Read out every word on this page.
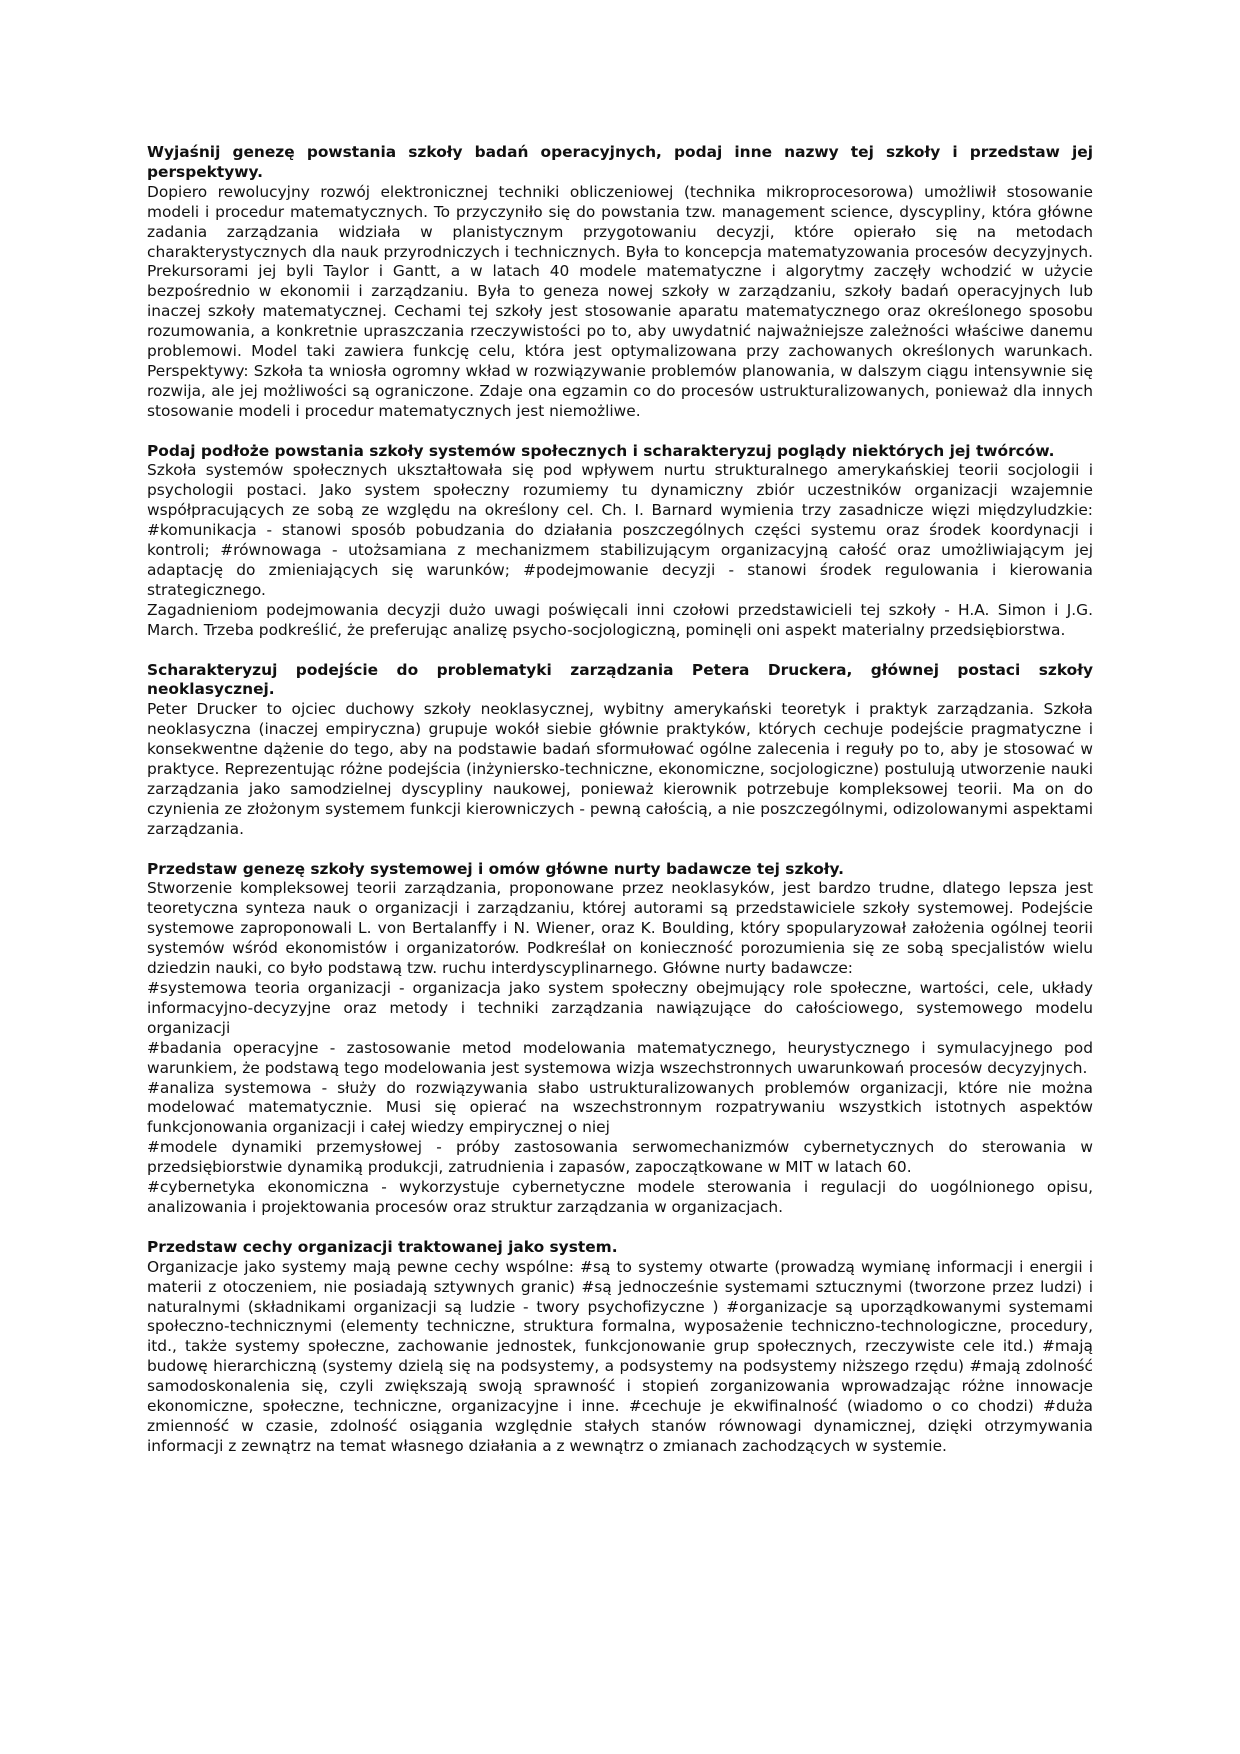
Wyjaśnij genezę powstania szkoły badań operacyjnych, podaj inne nazwy tej szkoły i przedstaw jej perspektywy.

Dopiero rewolucyjny rozwój elektronicznej techniki obliczeniowej (technika mikroprocesorowa) umożliwił stosowanie modeli i procedur matematycznych. To przyczyniło się do powstania tzw. management science, dyscypliny, która główne zadania zarządzania widziała w planistycznym przygotowaniu decyzji, które opierało się na metodach charakterystycznych dla nauk przyrodniczych i technicznych. Była to koncepcja matematyzowania procesów decyzyjnych. Prekursorami jej byli Taylor i Gantt, a w latach 40 modele matematyczne i algorytmy zaczęły wchodzić w użycie bezpośrednio w ekonomii i zarządzaniu. Była to geneza nowej szkoły w zarządzaniu, szkoły badań operacyjnych lub inaczej szkoły matematycznej. Cechami tej szkoły jest stosowanie aparatu matematycznego oraz określonego sposobu rozumowania, a konkretnie upraszczania rzeczywistości po to, aby uwydatnić najważniejsze zależności właściwe danemu problemowi. Model taki zawiera funkcję celu, która jest optymalizowana przy zachowanych określonych warunkach. Perspektywy: Szkoła ta wniosła ogromny wkład w rozwiązywanie problemów planowania, w dalszym ciągu intensywnie się rozwija, ale jej możliwości są ograniczone. Zdaje ona egzamin co do procesów ustrukturalizowanych, ponieważ dla innych stosowanie modeli i procedur matematycznych jest niemożliwe.

Podaj podłoże powstania szkoły systemów społecznych i scharakteryzuj poglądy niektórych jej twórców.

Szkoła systemów społecznych ukształtowała się pod wpływem nurtu strukturalnego amerykańskiej teorii socjologii i psychologii postaci. Jako system społeczny rozumiemy tu dynamiczny zbiór uczestników organizacji wzajemnie współpracujących ze sobą ze względu na określony cel. Ch. I. Barnard wymienia trzy zasadnicze więzi międzyludzkie: #komunikacja - stanowi sposób pobudzania do działania poszczególnych części systemu oraz środek koordynacji i kontroli; #równowaga - utożsamiana z mechanizmem stabilizującym organizacyjną całość oraz umożliwiającym jej adaptację do zmieniających się warunków; #podejmowanie decyzji - stanowi środek regulowania i kierowania strategicznego.

Zagadnieniom podejmowania decyzji dużo uwagi poświęcali inni czołowi przedstawicieli tej szkoły - H.A. Simon i J.G. March. Trzeba podkreślić, że preferując analizę psycho-socjologiczną, pominęli oni aspekt materialny przedsiębiorstwa.

Scharakteryzuj podejście do problematyki zarządzania Petera Druckera, głównej postaci szkoły neoklasycznej.

Peter Drucker to ojciec duchowy szkoły neoklasycznej, wybitny amerykański teoretyk i praktyk zarządzania. Szkoła neoklasyczna (inaczej empiryczna) grupuje wokół siebie głównie praktyków, których cechuje podejście pragmatyczne i konsekwentne dążenie do tego, aby na podstawie badań sformułować ogólne zalecenia i reguły po to, aby je stosować w praktyce. Reprezentując różne podejścia (inżyniersko-techniczne, ekonomiczne, socjologiczne) postulują utworzenie nauki zarządzania jako samodzielnej dyscypliny naukowej, ponieważ kierownik potrzebuje kompleksowej teorii. Ma on do czynienia ze złożonym systemem funkcji kierowniczych - pewną całością, a nie poszczególnymi, odizolowanymi aspektami zarządzania.

Przedstaw genezę szkoły systemowej i omów główne nurty badawcze tej szkoły.

Stworzenie kompleksowej teorii zarządzania, proponowane przez neoklasyków, jest bardzo trudne, dlatego lepsza jest teoretyczna synteza nauk o organizacji i zarządzaniu, której autorami są przedstawiciele szkoły systemowej. Podejście systemowe zaproponowali L. von Bertalanffy i N. Wiener, oraz K. Boulding, który spopularyzował założenia ogólnej teorii systemów wśród ekonomistów i organizatorów. Podkreślał on konieczność porozumienia się ze sobą specjalistów wielu dziedzin nauki, co było podstawą tzw. ruchu interdyscyplinarnego. Główne nurty badawcze:

#systemowa teoria organizacji - organizacja jako system społeczny obejmujący role społeczne, wartości, cele, układy informacyjno-decyzyjne oraz metody i techniki zarządzania nawiązujące do całościowego, systemowego modelu organizacji

#badania operacyjne - zastosowanie metod modelowania matematycznego, heurystycznego i symulacyjnego pod warunkiem, że podstawą tego modelowania jest systemowa wizja wszechstronnych uwarunkowań procesów decyzyjnych.

#analiza systemowa - służy do rozwiązywania słabo ustrukturalizowanych problemów organizacji, które nie można modelować matematycznie. Musi się opierać na wszechstronnym rozpatrywaniu wszystkich istotnych aspektów funkcjonowania organizacji i całej wiedzy empirycznej o niej

#modele dynamiki przemysłowej - próby zastosowania serwomechanizmów cybernetycznych do sterowania w przedsiębiorstwie dynamiką produkcji, zatrudnienia i zapasów, zapoczątkowane w MIT w latach 60.

#cybernetyka ekonomiczna - wykorzystuje cybernetyczne modele sterowania i regulacji do uogólnionego opisu, analizowania i projektowania procesów oraz struktur zarządzania w organizacjach.

Przedstaw cechy organizacji traktowanej jako system.

Organizacje jako systemy mają pewne cechy wspólne: #są to systemy otwarte (prowadzą wymianę informacji i energii i materii z otoczeniem, nie posiadają sztywnych granic) #są jednocześnie systemami sztucznymi (tworzone przez ludzi) i naturalnymi (składnikami organizacji są ludzie - twory psychofizyczne ) #organizacje są uporządkowanymi systemami społeczno-technicznymi (elementy techniczne, struktura formalna, wyposażenie techniczno-technologiczne, procedury, itd., także systemy społeczne, zachowanie jednostek, funkcjonowanie grup społecznych, rzeczywiste cele itd.) #mają budowę hierarchiczną (systemy dzielą się na podsystemy, a podsystemy na podsystemy niższego rzędu) #mają zdolność samodoskonalenia się, czyli zwiększają swoją sprawność i stopień zorganizowania wprowadzając różne innowacje ekonomiczne, społeczne, techniczne, organizacyjne i inne. #cechuje je ekwifinalność (wiadomo o co chodzi) #duża zmienność w czasie, zdolność osiągania względnie stałych stanów równowagi dynamicznej, dzięki otrzymywania informacji z zewnątrz na temat własnego działania a z wewnątrz o zmianach zachodzących w systemie.
